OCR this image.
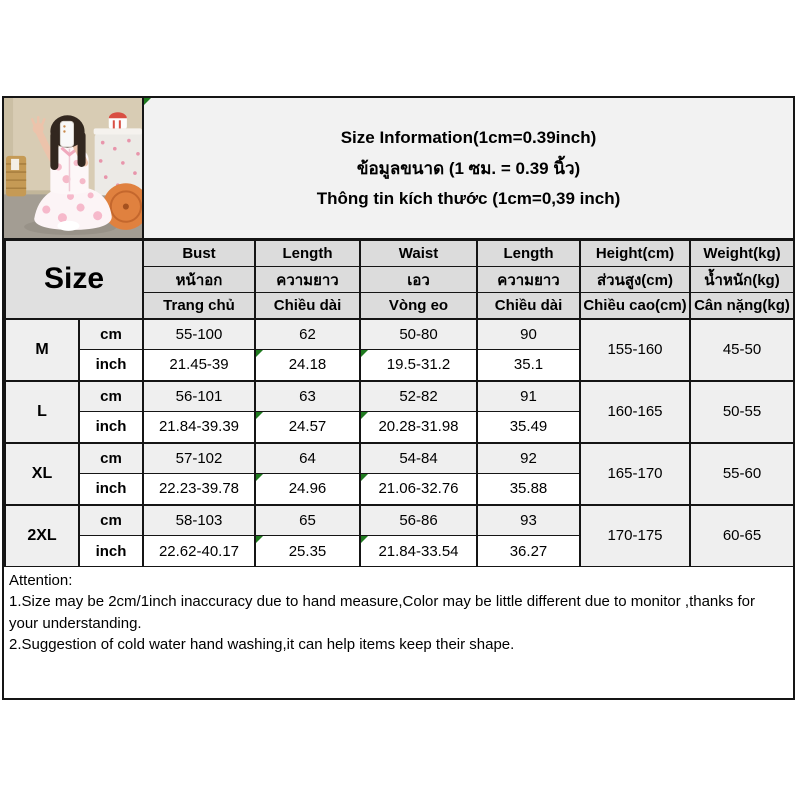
Size Information(1cm=0.39inch)
ข้อมูลขนาด (1 ซม. = 0.39 นิ้ว)
Thông tin kích thước (1cm=0,39 inch)
Size		Bust	Length	Waist	Length	Height(cm)	Weight(kg)
		หน้าอก	ความยาว	เอว	ความยาว	ส่วนสูง(cm)	น้ำหนัก(kg)
		Trang chủ	Chiều dài	Vòng eo	Chiều dài	Chiều cao(cm)	Cân nặng(kg)
M	cm	55-100	62	50-80	90	155-160	45-50
	inch	21.45-39	24.18	19.5-31.2	35.1		
L	cm	56-101	63	52-82	91	160-165	50-55
	inch	21.84-39.39	24.57	20.28-31.98	35.49		
XL	cm	57-102	64	54-84	92	165-170	55-60
	inch	22.23-39.78	24.96	21.06-32.76	35.88		
2XL	cm	58-103	65	56-86	93	170-175	60-65
	inch	22.62-40.17	25.35	21.84-33.54	36.27		
Attention:
1.Size may be 2cm/1inch inaccuracy due to hand measure,Color may be little different due to monitor ,thanks for your understanding.
2.Suggestion of cold water hand washing,it can help items keep their shape.
